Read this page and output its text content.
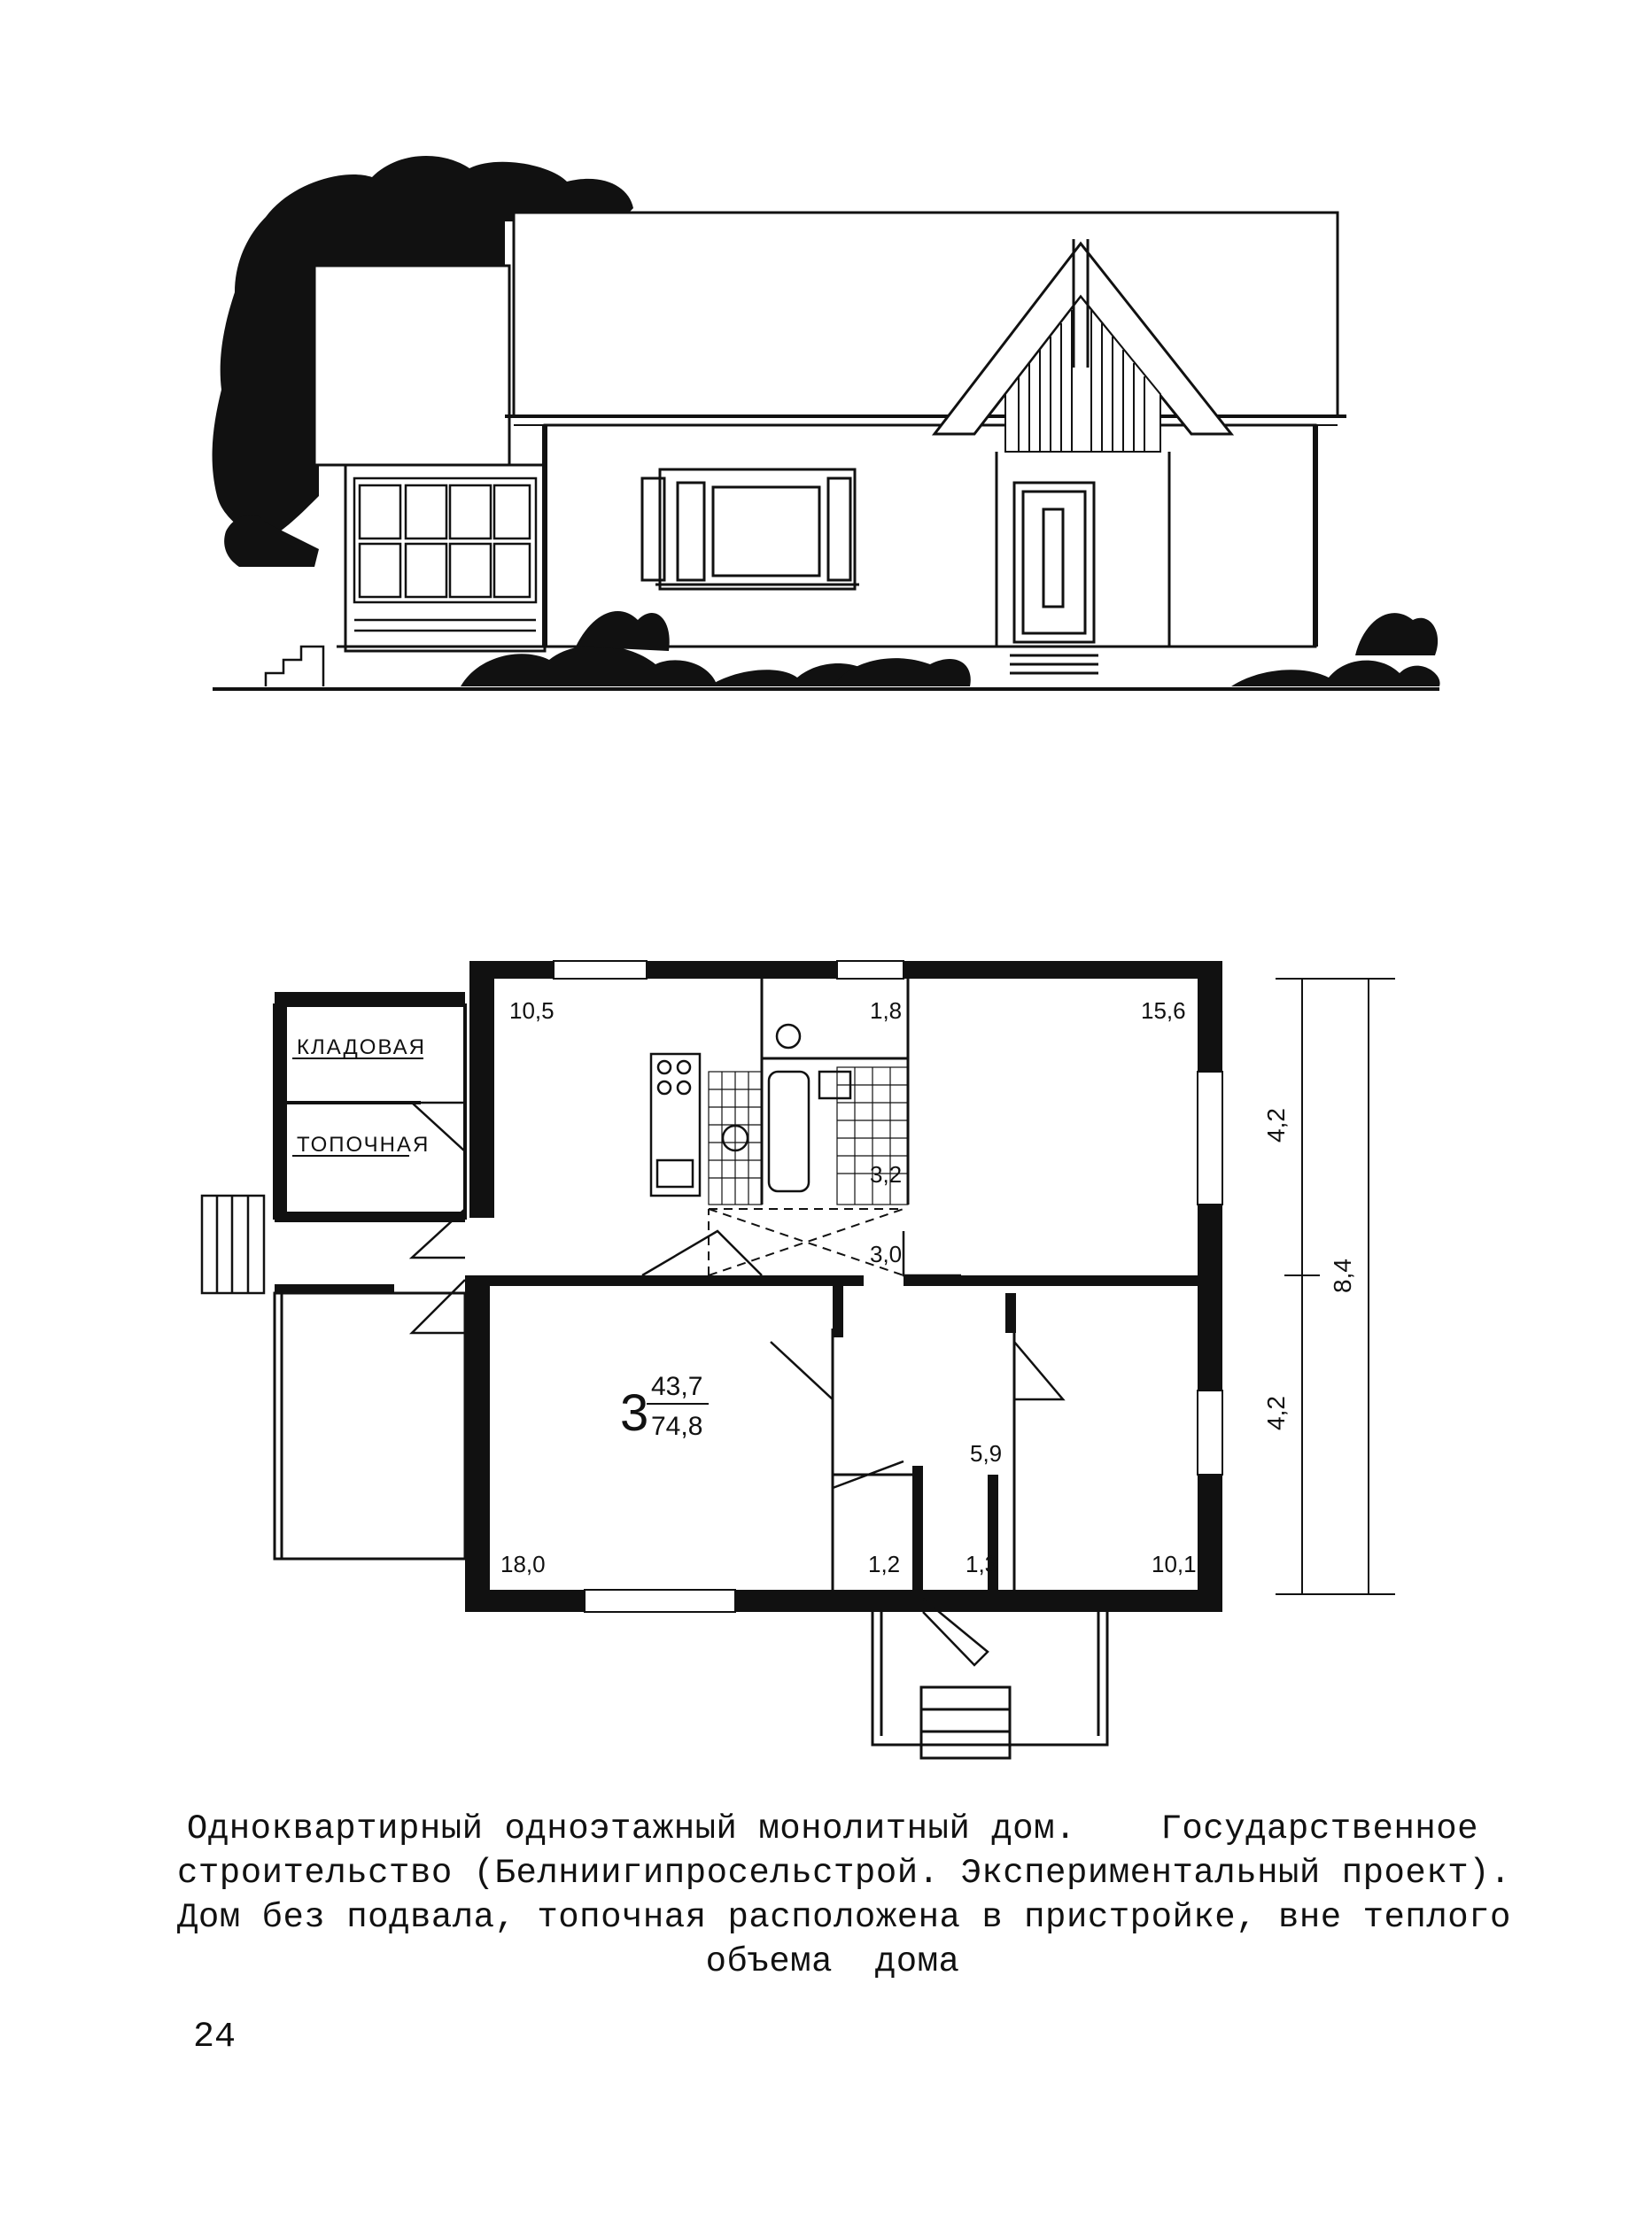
КЛАДОВАЯ
ТОПОЧНАЯ
10,5	1,8	15,6
3,2
3,0
18,0	1,2	1,3
5,9
10,1
3 43,7
74,8
4,2
4,2
8,4
Одноквартирный одноэтажный монолитный дом.    Государственное
строительство (Белниигипросельстрой. Экспериментальный проект).
Дом без подвала, топочная расположена в пристройке, вне теплого
объема  дома
24
